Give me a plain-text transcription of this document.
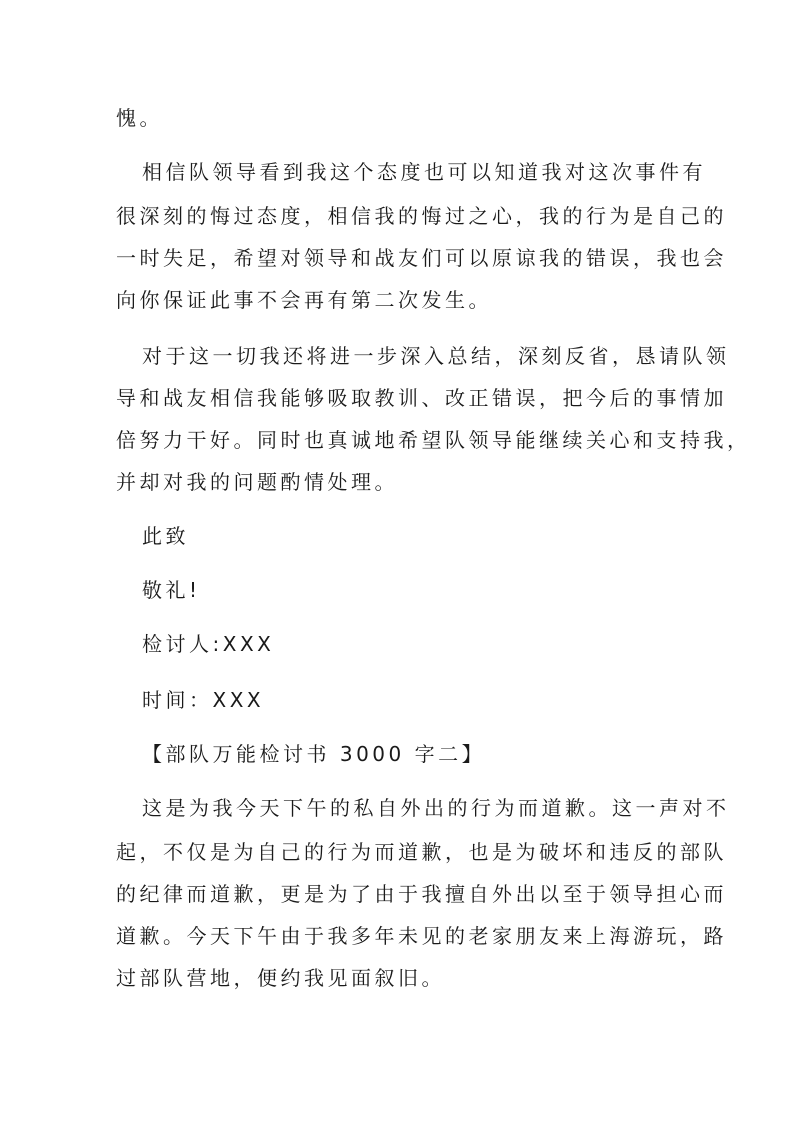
愧。
相信队领导看到我这个态度也可以知道我对这次事件有
很深刻的悔过态度，相信我的悔过之心，我的行为是自己的
一时失足，希望对领导和战友们可以原谅我的错误，我也会
向你保证此事不会再有第二次发生。
对于这一切我还将进一步深入总结，深刻反省，恳请队领
导和战友相信我能够吸取教训、改正错误，把今后的事情加
倍努力干好。同时也真诚地希望队领导能继续关心和支持我，
并却对我的问题酌情处理。
此致
敬礼!
检讨人:XXX
时间：XXX
【部队万能检讨书 3000 字二】
这是为我今天下午的私自外出的行为而道歉。这一声对不
起，不仅是为自己的行为而道歉，也是为破坏和违反的部队
的纪律而道歉，更是为了由于我擅自外出以至于领导担心而
道歉。今天下午由于我多年未见的老家朋友来上海游玩，路
过部队营地，便约我见面叙旧。
